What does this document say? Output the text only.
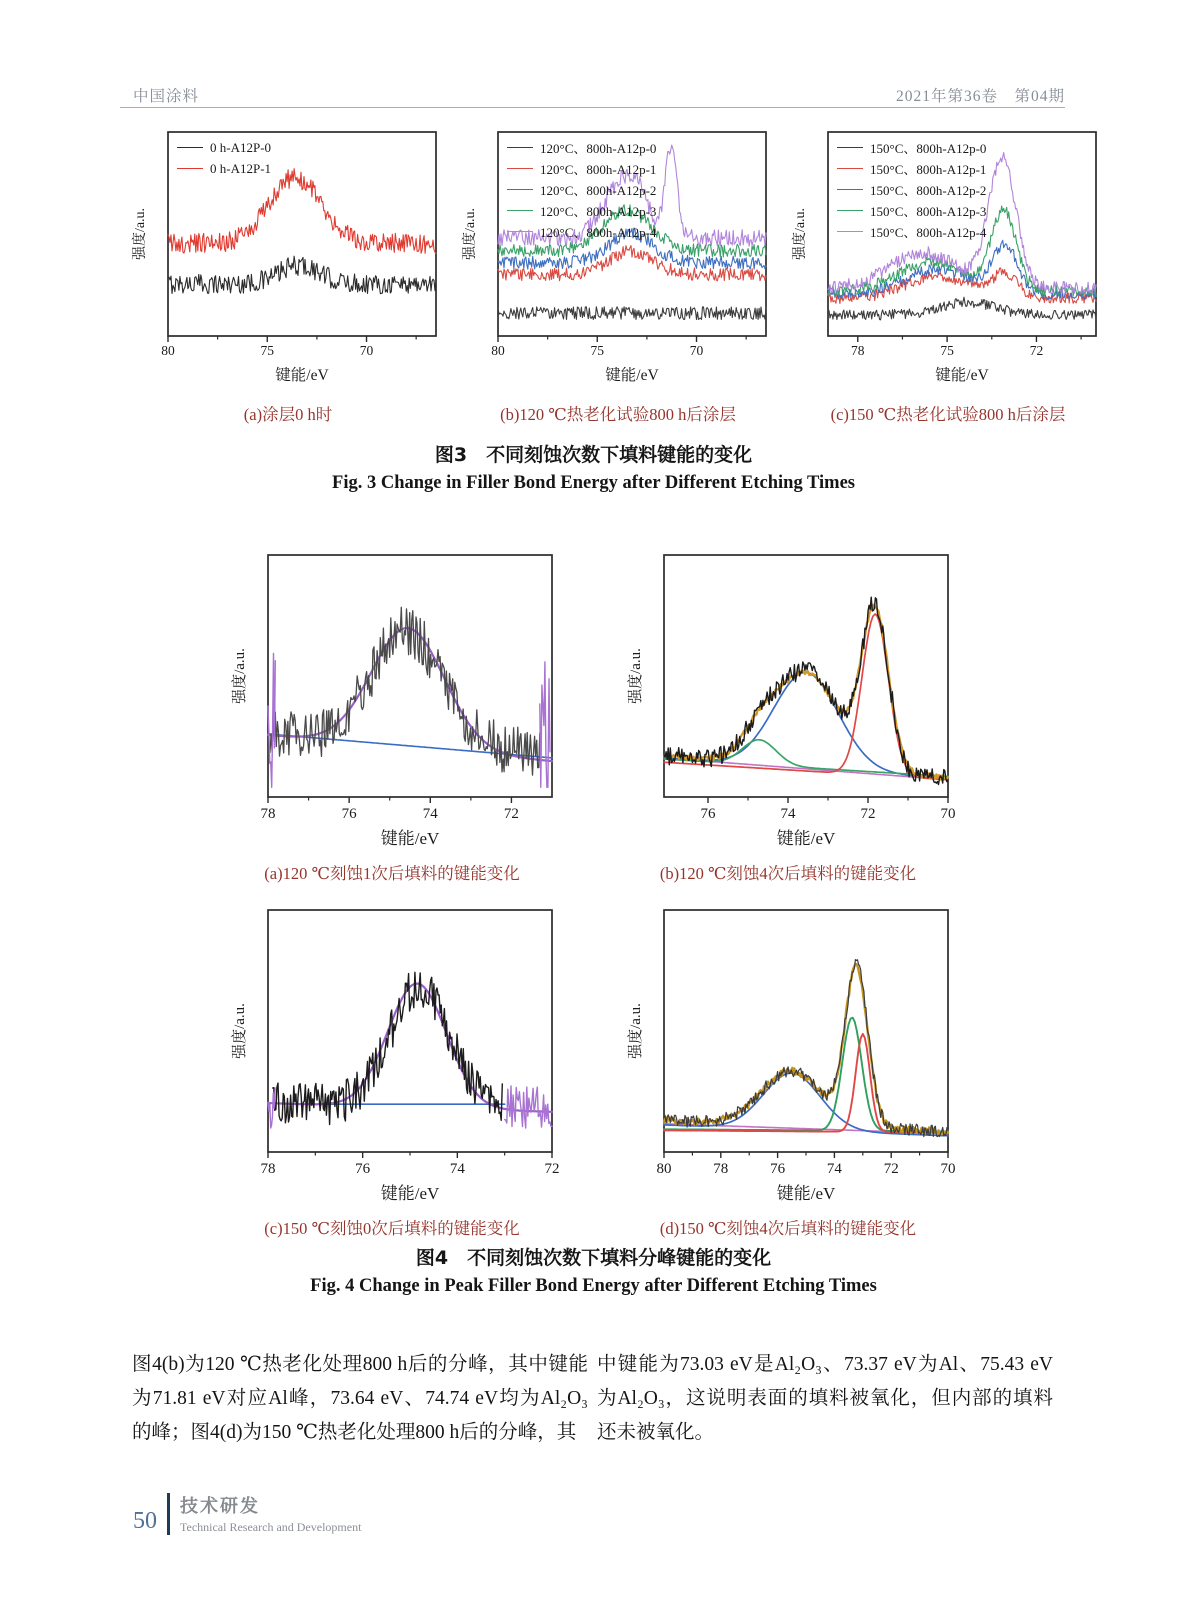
中国涂料	2021年第36卷　第04期
80	75	70
键能/eV
强度/a.u.
0 h-A12P-0
0 h-A12P-1
(a)涂层0 h时
80	75	70
键能/eV
强度/a.u.
120°C、800h-A12p-0
120°C、800h-A12p-1
120°C、800h-A12p-2
120°C、800h-A12p-3
120°C、800h-A12p-4
(b)120 ℃热老化试验800 h后涂层
78	75	72
键能/eV
强度/a.u.
150°C、800h-A12p-0
150°C、800h-A12p-1
150°C、800h-A12p-2
150°C、800h-A12p-3
150°C、800h-A12p-4
(c)150 ℃热老化试验800 h后涂层
图3　不同刻蚀次数下填料键能的变化
Fig. 3 Change in Filler Bond Energy after Different Etching Times
78	76	74	72
键能/eV
强度/a.u.
(a)120 ℃刻蚀1次后填料的键能变化
76	74	72	70
键能/eV
强度/a.u.
(b)120 ℃刻蚀4次后填料的键能变化
78	76	74	72
键能/eV
强度/a.u.
(c)150 ℃刻蚀0次后填料的键能变化
80	78	76	74	72	70
键能/eV
强度/a.u.
(d)150 ℃刻蚀4次后填料的键能变化
图4　不同刻蚀次数下填料分峰键能的变化
Fig. 4 Change in Peak Filler Bond Energy after Different Etching Times
图4(b)为120 ℃热老化处理800 h后的分峰，其中键能为71.81 eV对应Al峰，73.64 eV、74.74 eV均为Al₂O₃的峰；图4(d)为150 ℃热老化处理800 h后的分峰，其
中键能为73.03 eV是Al₂O₃、73.37 eV为Al、75.43 eV为Al₂O₃，这说明表面的填料被氧化，但内部的填料还未被氧化。
50
技术研发
Technical Research and Development
